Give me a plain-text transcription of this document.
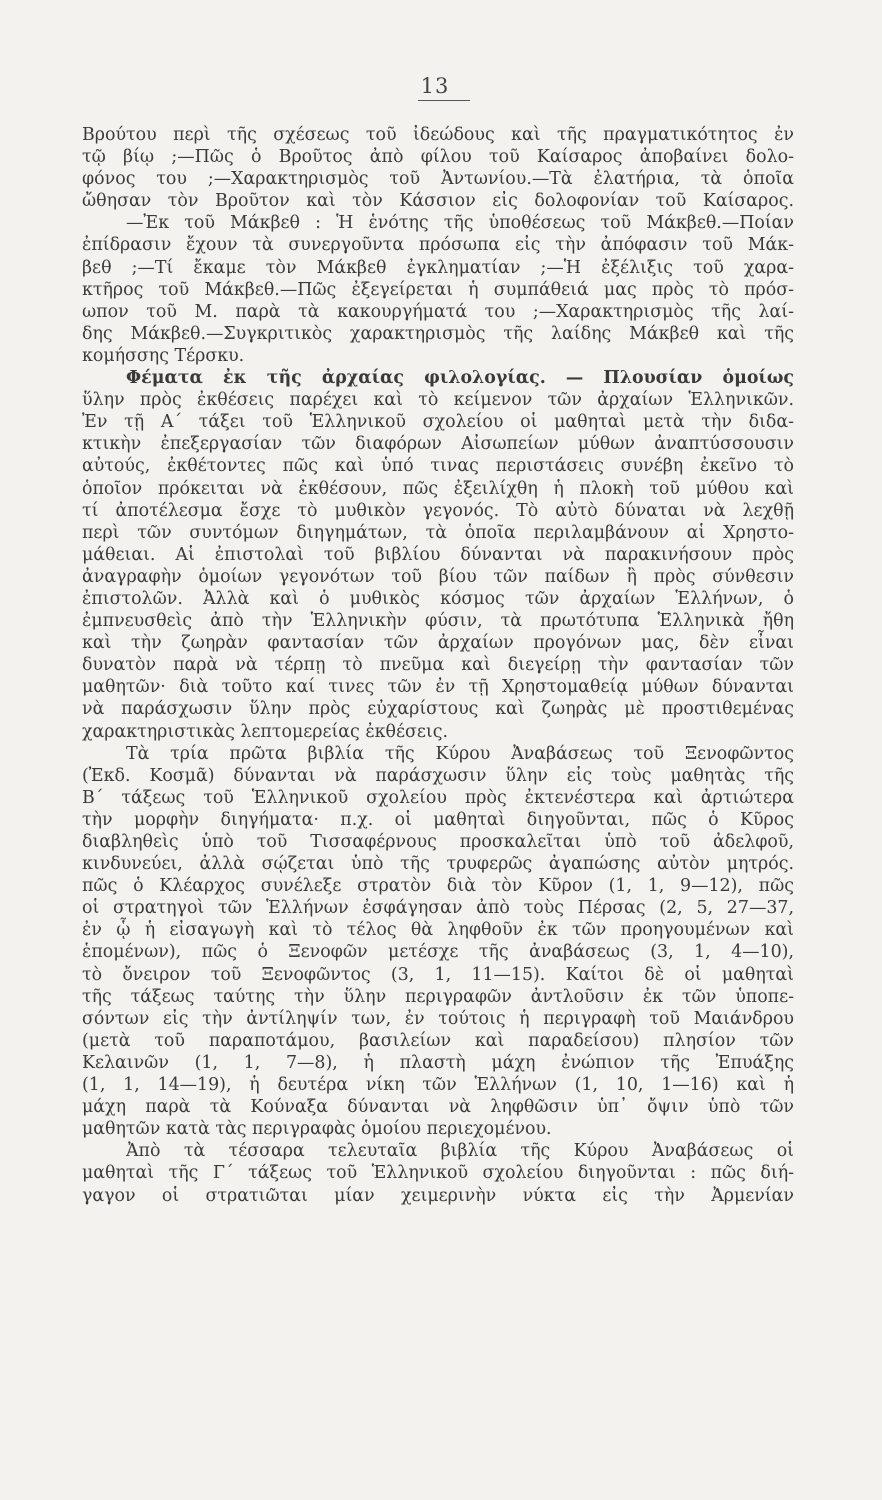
13
Βρούτου περὶ τῆς σχέσεως τοῦ ἰδεώδους καὶ τῆς πραγματικότητος ἐν
τῷ βίῳ ;—Πῶς ὁ Βροῦτος ἀπὸ φίλου τοῦ Καίσαρος ἀποβαίνει δολο-
φόνος του ;—Χαρακτηρισμὸς τοῦ Ἀντωνίου.—Τὰ ἐλατήρια, τὰ ὁποῖα
ὤθησαν τὸν Βροῦτον καὶ τὸν Κάσσιον εἰς δολοφονίαν τοῦ Καίσαρος.
—Ἐκ τοῦ Μάκβεθ : Ἡ ἑνότης τῆς ὑποθέσεως τοῦ Μάκβεθ.—Ποίαν
ἐπίδρασιν ἔχουν τὰ συνεργοῦντα πρόσωπα εἰς τὴν ἀπόφασιν τοῦ Μάκ-
βεθ ;—Τί ἔκαμε τὸν Μάκβεθ ἐγκληματίαν ;—Ἡ ἐξέλιξις τοῦ χαρα-
κτῆρος τοῦ Μάκβεθ.—Πῶς ἐξεγείρεται ἡ συμπάθειά μας πρὸς τὸ πρόσ-
ωπον τοῦ Μ. παρὰ τὰ κακουργήματά του ;—Χαρακτηρισμὸς τῆς λαί-
δης Μάκβεθ.—Συγκριτικὸς χαρακτηρισμὸς τῆς λαίδης Μάκβεθ καὶ τῆς
κομήσσης Τέρσκυ.
Φέματα ἐκ τῆς ἀρχαίας φιλολογίας. — Πλουσίαν ὁμοίως
ὕλην πρὸς ἐκθέσεις παρέχει καὶ τὸ κείμενον τῶν ἀρχαίων Ἑλληνικῶν.
Ἐν τῇ Α΄ τάξει τοῦ Ἑλληνικοῦ σχολείου οἱ μαθηταὶ μετὰ τὴν διδα-
κτικὴν ἐπεξεργασίαν τῶν διαφόρων Αἰσωπείων μύθων ἀναπτύσσουσιν
αὐτούς, ἐκθέτοντες πῶς καὶ ὑπό τινας περιστάσεις συνέβη ἐκεῖνο τὸ
ὁποῖον πρόκειται νὰ ἐκθέσουν, πῶς ἐξειλίχθη ἡ πλοκὴ τοῦ μύθου καὶ
τί ἀποτέλεσμα ἔσχε τὸ μυθικὸν γεγονός. Τὸ αὐτὸ δύναται νὰ λεχθῇ
περὶ τῶν συντόμων διηγημάτων, τὰ ὁποῖα περιλαμβάνουν αἱ Χρηστο-
μάθειαι. Αἱ ἐπιστολαὶ τοῦ βιβλίου δύνανται νὰ παρακινήσουν πρὸς
ἀναγραφὴν ὁμοίων γεγονότων τοῦ βίου τῶν παίδων ἢ πρὸς σύνθεσιν
ἐπιστολῶν. Ἀλλὰ καὶ ὁ μυθικὸς κόσμος τῶν ἀρχαίων Ἑλλήνων, ὁ
ἐμπνευσθεὶς ἀπὸ τὴν Ἑλληνικὴν φύσιν, τὰ πρωτότυπα Ἑλληνικὰ ἤθη
καὶ τὴν ζωηρὰν φαντασίαν τῶν ἀρχαίων προγόνων μας, δὲν εἶναι
δυνατὸν παρὰ νὰ τέρπῃ τὸ πνεῦμα καὶ διεγείρῃ τὴν φαντασίαν τῶν
μαθητῶν· διὰ τοῦτο καί τινες τῶν ἐν τῇ Χρηστομαθείᾳ μύθων δύνανται
νὰ παράσχωσιν ὕλην πρὸς εὐχαρίστους καὶ ζωηρὰς μὲ προστιθεμένας
χαρακτηριστικὰς λεπτομερείας ἐκθέσεις.
Τὰ τρία πρῶτα βιβλία τῆς Κύρου Ἀναβάσεως τοῦ Ξενοφῶντος
(Ἐκδ. Κοσμᾶ) δύνανται νὰ παράσχωσιν ὕλην εἰς τοὺς μαθητὰς τῆς
Β΄ τάξεως τοῦ Ἑλληνικοῦ σχολείου πρὸς ἐκτενέστερα καὶ ἀρτιώτερα
τὴν μορφὴν διηγήματα· π.χ. οἱ μαθηταὶ διηγοῦνται, πῶς ὁ Κῦρος
διαβληθεὶς ὑπὸ τοῦ Τισσαφέρνους προσκαλεῖται ὑπὸ τοῦ ἀδελφοῦ,
κινδυνεύει, ἀλλὰ σῴζεται ὑπὸ τῆς τρυφερῶς ἀγαπώσης αὐτὸν μητρός.
πῶς ὁ Κλέαρχος συνέλεξε στρατὸν διὰ τὸν Κῦρον (1, 1, 9—12), πῶς
οἱ στρατηγοὶ τῶν Ἑλλήνων ἐσφάγησαν ἀπὸ τοὺς Πέρσας (2, 5, 27—37,
ἐν ᾧ ἡ εἰσαγωγὴ καὶ τὸ τέλος θὰ ληφθοῦν ἐκ τῶν προηγουμένων καὶ
ἑπομένων), πῶς ὁ Ξενοφῶν μετέσχε τῆς ἀναβάσεως (3, 1, 4—10),
τὸ ὄνειρον τοῦ Ξενοφῶντος (3, 1, 11—15). Καίτοι δὲ οἱ μαθηταὶ
τῆς τάξεως ταύτης τὴν ὕλην περιγραφῶν ἀντλοῦσιν ἐκ τῶν ὑποπε-
σόντων εἰς τὴν ἀντίληψίν των, ἐν τούτοις ἡ περιγραφὴ τοῦ Μαιάνδρου
(μετὰ τοῦ παραποτάμου, βασιλείων καὶ παραδείσου) πλησίον τῶν
Κελαινῶν (1, 1, 7—8), ἡ πλαστὴ μάχη ἐνώπιον τῆς Ἐπυάξης
(1, 1, 14—19), ἡ δευτέρα νίκη τῶν Ἑλλήνων (1, 10, 1—16) καὶ ἡ
μάχη παρὰ τὰ Κούναξα δύνανται νὰ ληφθῶσιν ὑπ᾽ ὄψιν ὑπὸ τῶν
μαθητῶν κατὰ τὰς περιγραφὰς ὁμοίου περιεχομένου.
Ἀπὸ τὰ τέσσαρα τελευταῖα βιβλία τῆς Κύρου Ἀναβάσεως οἱ
μαθηταὶ τῆς Γ΄ τάξεως τοῦ Ἑλληνικοῦ σχολείου διηγοῦνται : πῶς διή-
γαγον οἱ στρατιῶται μίαν χειμερινὴν νύκτα εἰς τὴν Ἀρμενίαν
